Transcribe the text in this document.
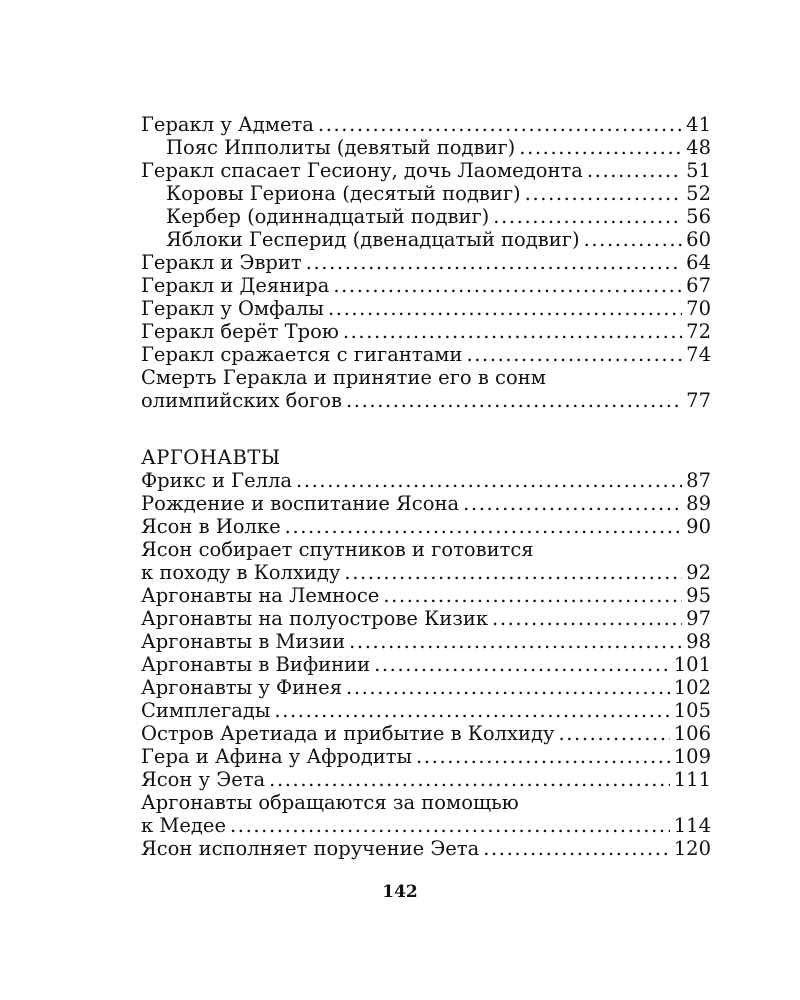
Геракл у Адмета .....	41
Пояс Ипполиты (девятый подвиг) .....	48
Геракл спасает Гесиону, дочь Лаомедонта .....	51
Коровы Гериона (десятый подвиг) .....	52
Кербер (одиннадцатый подвиг) .....	56
Яблоки Гесперид (двенадцатый подвиг) .....	60
Геракл и Эврит .....	64
Геракл и Деянира .....	67
Геракл у Омфалы .....	70
Геракл берёт Трою .....	72
Геракл сражается с гигантами .....	74
Смерть Геракла и принятие его в сонм
олимпийских богов .....	77
АРГОНАВТЫ
Фрикс и Гелла .....	87
Рождение и воспитание Ясона .....	89
Ясон в Иолке .....	90
Ясон собирает спутников и готовится
к походу в Колхиду .....	92
Аргонавты на Лемносе .....	95
Аргонавты на полуострове Кизик .....	97
Аргонавты в Мизии .....	98
Аргонавты в Вифинии .....	101
Аргонавты у Финея .....	102
Симплегады .....	105
Остров Аретиада и прибытие в Колхиду .....	106
Гера и Афина у Афродиты .....	109
Ясон у Эета .....	111
Аргонавты обращаются за помощью
к Медее .....	114
Ясон исполняет поручение Эета .....	120
142
